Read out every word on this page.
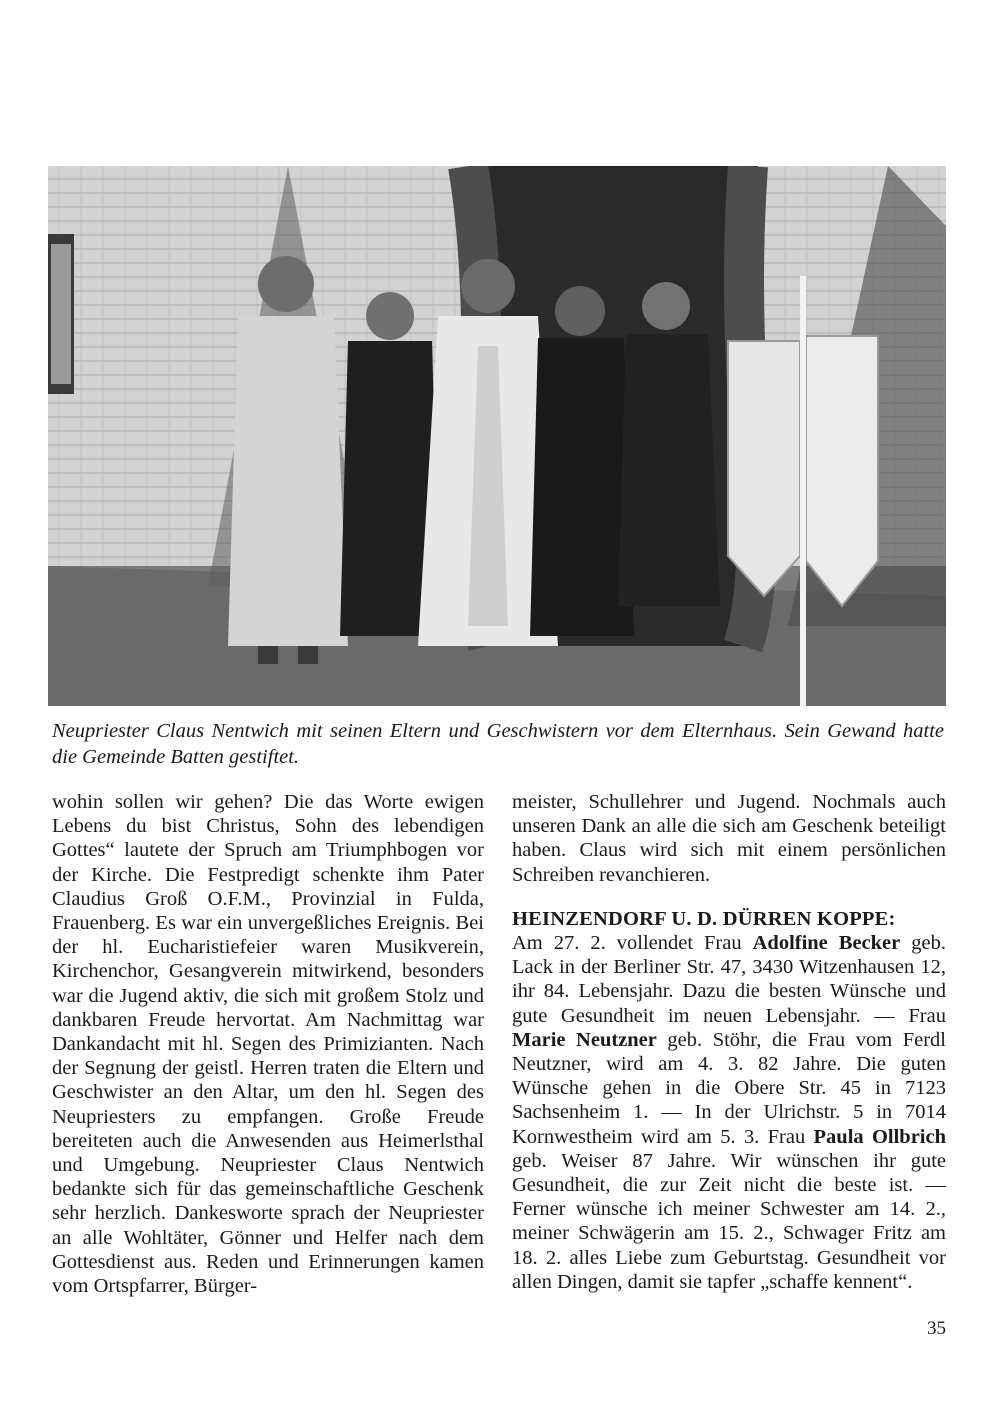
Neupriester Claus Nentwich mit seinen Eltern und Geschwistern vor dem Elternhaus. Sein Gewand hatte die Gemeinde Batten gestiftet.

wohin sollen wir gehen? Die das Worte ewigen Lebens du bist Christus, Sohn des lebendigen Gottes“ lautete der Spruch am Triumphbogen vor der Kirche. Die Festpredigt schenkte ihm Pater Claudius Groß O.F.M., Provinzial in Fulda, Frauenberg. Es war ein unvergeßliches Ereignis. Bei der hl. Eucharistiefeier waren Musikverein, Kirchenchor, Gesangverein mitwirkend, besonders war die Jugend aktiv, die sich mit großem Stolz und dankbaren Freude hervortat. Am Nachmittag war Dankandacht mit hl. Segen des Primizianten. Nach der Segnung der geistl. Herren traten die Eltern und Geschwister an den Altar, um den hl. Segen des Neupriesters zu empfangen. Große Freude bereiteten auch die Anwesenden aus Heimerlsthal und Umgebung. Neupriester Claus Nentwich bedankte sich für das gemeinschaftliche Geschenk sehr herzlich. Dankesworte sprach der Neupriester an alle Wohltäter, Gönner und Helfer nach dem Gottesdienst aus. Reden und Erinnerungen kamen vom Ortspfarrer, Bürger-

meister, Schullehrer und Jugend. Nochmals auch unseren Dank an alle die sich am Geschenk beteiligt haben. Claus wird sich mit einem persönlichen Schreiben revanchieren.

HEINZENDORF U. D. DÜRREN KOPPE:

Am 27. 2. vollendet Frau Adolfine Becker geb. Lack in der Berliner Str. 47, 3430 Witzenhausen 12, ihr 84. Lebensjahr. Dazu die besten Wünsche und gute Gesundheit im neuen Lebensjahr. — Frau Marie Neutzner geb. Stöhr, die Frau vom Ferdl Neutzner, wird am 4. 3. 82 Jahre. Die guten Wünsche gehen in die Obere Str. 45 in 7123 Sachsenheim 1. — In der Ulrichstr. 5 in 7014 Kornwestheim wird am 5. 3. Frau Paula Ollbrich geb. Weiser 87 Jahre. Wir wünschen ihr gute Gesundheit, die zur Zeit nicht die beste ist. — Ferner wünsche ich meiner Schwester am 14. 2., meiner Schwägerin am 15. 2., Schwager Fritz am 18. 2. alles Liebe zum Geburtstag. Gesundheit vor allen Dingen, damit sie tapfer „schaffe kennent“.

35
